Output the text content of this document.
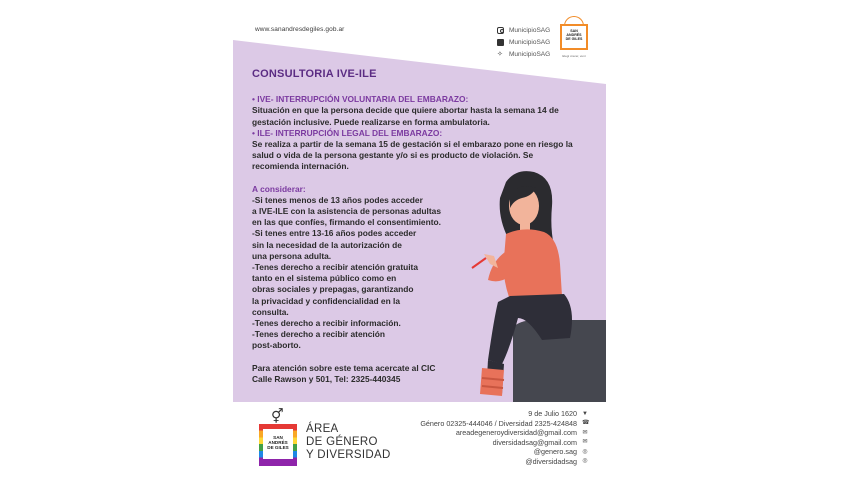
www.sanandresdegiles.gob.ar	MunicipioSAG
MunicipioSAG
✧ MunicipioSAG
SAN
ANDRÉS
DE GILES
Elegí crecer, vení
CONSULTORIA IVE-ILE
• IVE- INTERRUPCIÓN VOLUNTARIA DEL EMBARAZO:
Situación en que la persona decide que quiere abortar hasta la semana 14 de gestación inclusive. Puede realizarse en forma ambulatoria.
• ILE- INTERRUPCIÓN LEGAL DEL EMBARAZO:
Se realiza a partir de la semana 15 de gestación si el embarazo pone en riesgo la salud o vida de la persona gestante y/o si es producto de violación. Se recomienda internación.
A considerar:
-Si tenes menos de 13 años podes acceder
a IVE-ILE con la asistencia de personas adultas
en las que confíes, firmando el consentimiento.
-Si tenes entre 13-16 años podes acceder
sin la necesidad de la autorización de
una persona adulta.
-Tenes derecho a recibir atención gratuita
tanto en el sistema público como en
obras sociales y prepagas, garantizando
la privacidad y confidencialidad en la
consulta.
-Tenes derecho a recibir información.
-Tenes derecho a recibir atención
post-aborto.
Para atención sobre este tema acercate al CIC
Calle Rawson y 501, Tel: 2325-440345
⚥
SAN
ANDRÉS
DE GILES
ÁREA
DE GÉNERO
Y DIVERSIDAD
9 de Julio 1620 ▼
Género 02325-444046 / Diversidad 2325-424848 ☎
areadegeneroydiversidad@gmail.com ✉
diversidadsag@gmail.com ✉
@genero.sag ◎
@diversidadsag ◎
